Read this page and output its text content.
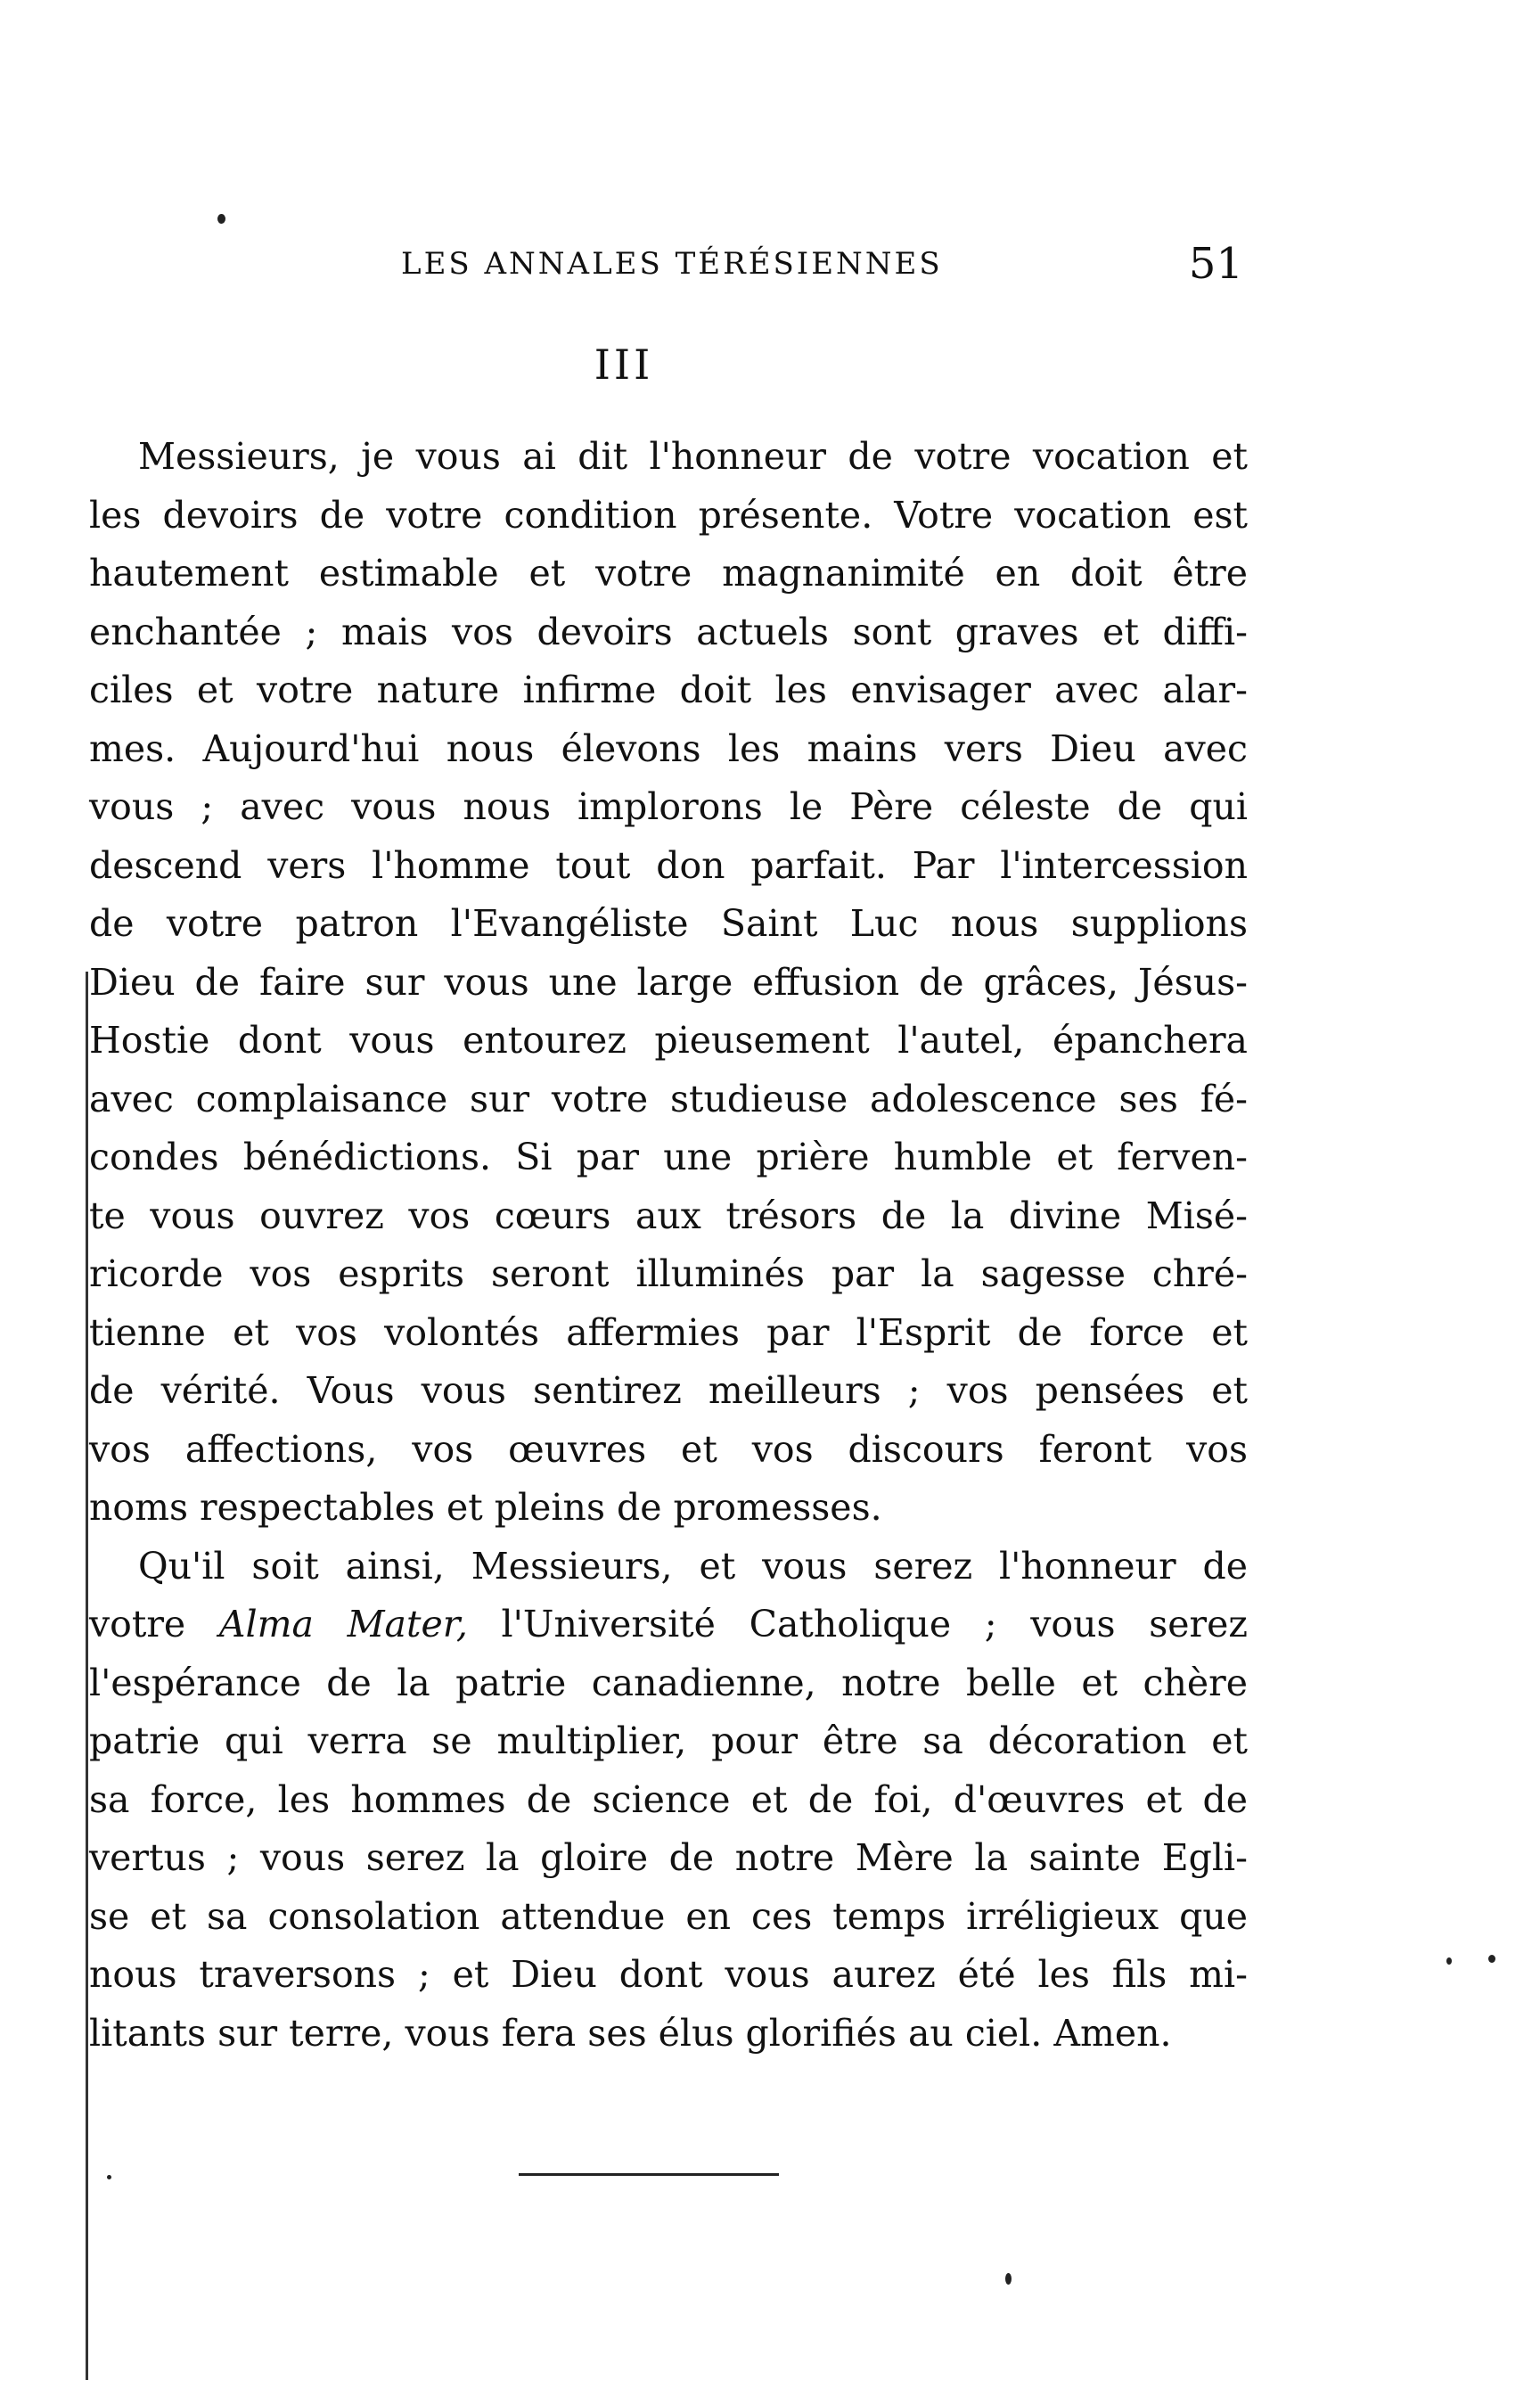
LES ANNALES TÉRÉSIENNES	51
III

Messieurs, je vous ai dit l'honneur de votre vocation et
les devoirs de votre condition présente. Votre vocation est
hautement estimable et votre magnanimité en doit être
enchantée ; mais vos devoirs actuels sont graves et diffi-
ciles et votre nature infirme doit les envisager avec alar-
mes. Aujourd'hui nous élevons les mains vers Dieu avec
vous ; avec vous nous implorons le Père céleste de qui
descend vers l'homme tout don parfait. Par l'intercession
de votre patron l'Evangéliste Saint Luc nous supplions
Dieu de faire sur vous une large effusion de grâces, Jésus-
Hostie dont vous entourez pieusement l'autel, épanchera
avec complaisance sur votre studieuse adolescence ses fé-
condes bénédictions. Si par une prière humble et ferven-
te vous ouvrez vos cœurs aux trésors de la divine Misé-
ricorde vos esprits seront illuminés par la sagesse chré-
tienne et vos volontés affermies par l'Esprit de force et
de vérité. Vous vous sentirez meilleurs ; vos pensées et
vos affections, vos œuvres et vos discours feront vos
noms respectables et pleins de promesses.

Qu'il soit ainsi, Messieurs, et vous serez l'honneur de
votre Alma Mater, l'Université Catholique ; vous serez
l'espérance de la patrie canadienne, notre belle et chère
patrie qui verra se multiplier, pour être sa décoration et
sa force, les hommes de science et de foi, d'œuvres et de
vertus ; vous serez la gloire de notre Mère la sainte Egli-
se et sa consolation attendue en ces temps irréligieux que
nous traversons ; et Dieu dont vous aurez été les fils mi-
litants sur terre, vous fera ses élus glorifiés au ciel. Amen.
